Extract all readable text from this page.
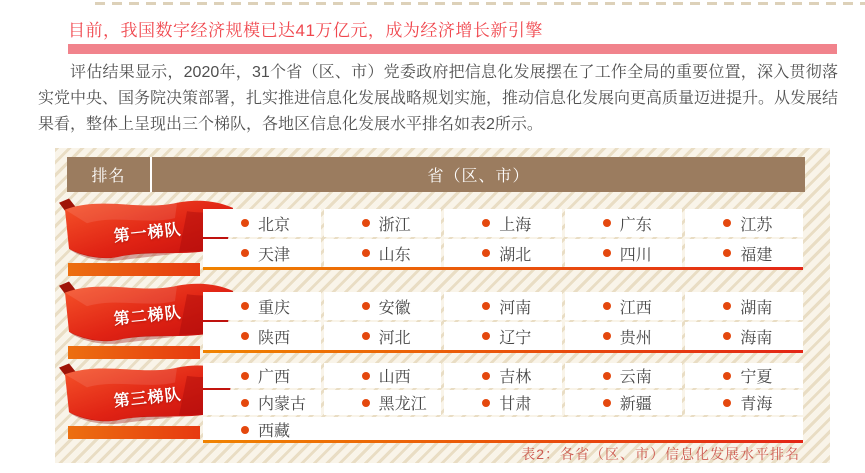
目前，我国数字经济规模已达41万亿元，成为经济增长新引擎
评估结果显示，2020年，31个省（区、市）党委政府把信息化发展摆在了工作全局的重要位置，深入贯彻落实党中央、国务院决策部署，扎实推进信息化发展战略规划实施，推动信息化发展向更高质量迈进提升。从发展结果看，整体上呈现出三个梯队，各地区信息化发展水平排名如表2所示。
排名	省（区、市）
第一梯队	北京	浙江	上海	广东	江苏
天津	山东	湖北	四川	福建
第二梯队	重庆	安徽	河南	江西	湖南
陕西	河北	辽宁	贵州	海南
第三梯队
广西	山西	吉林	云南	宁夏
内蒙古	黑龙江	甘肃	新疆	青海
西藏
表2：各省（区、市）信息化发展水平排名
